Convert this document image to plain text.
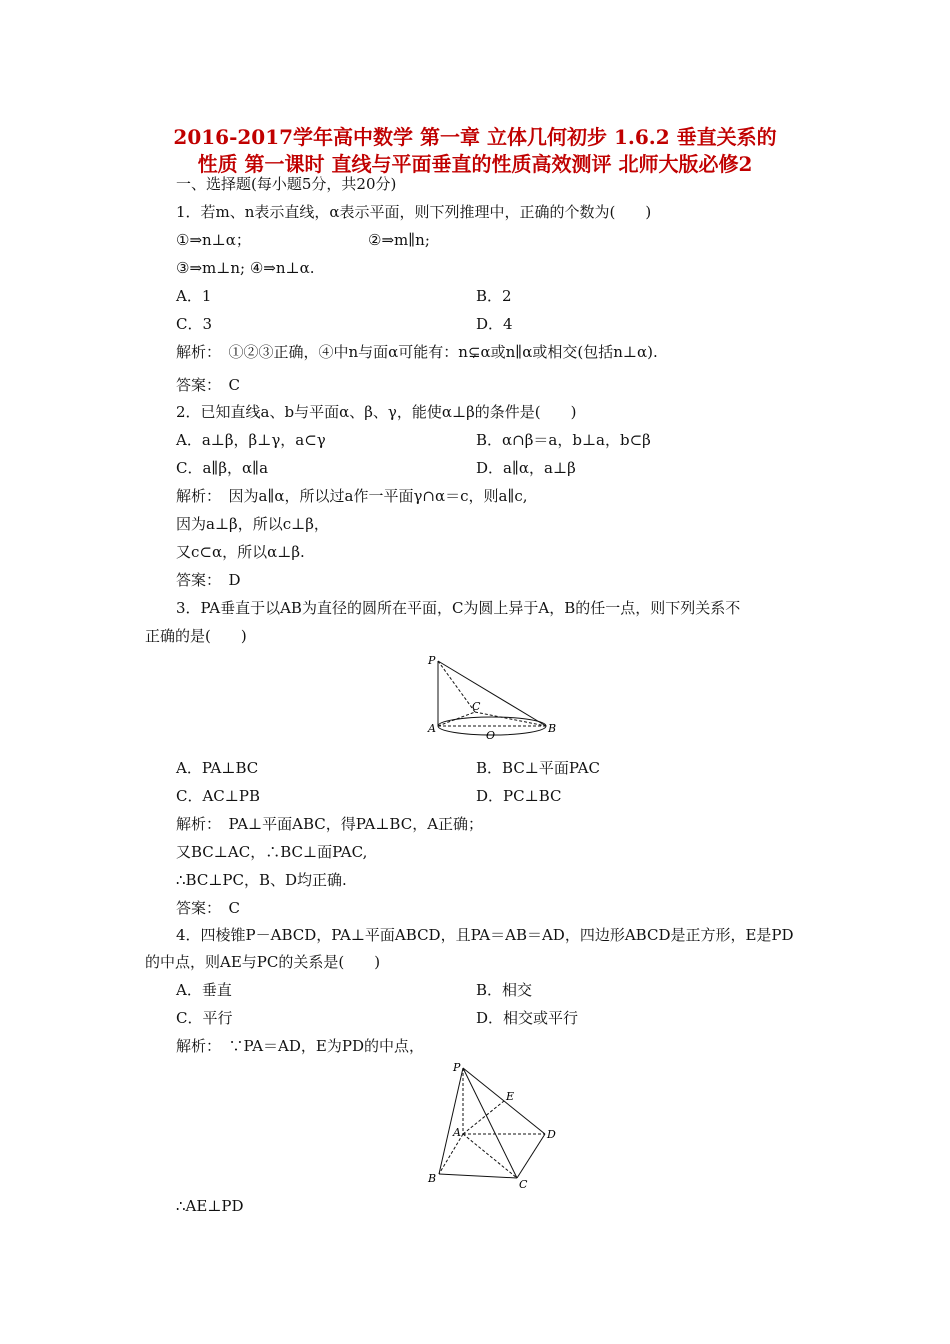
2016-2017学年高中数学 第一章 立体几何初步 1.6.2 垂直关系的
性质 第一课时 直线与平面垂直的性质高效测评 北师大版必修2
一、选择题(每小题5分，共20分)
1．若m、n表示直线，α表示平面，则下列推理中，正确的个数为(　　)
①⇒n⊥α；	②⇒m∥n;
③⇒m⊥n; ④⇒n⊥α.
A．1	B．2
C．3	D．4
解析：　①②③正确，④中n与面α可能有：n⊊α或n∥α或相交(包括n⊥α).
答案：　C
2．已知直线a、b与平面α、β、γ，能使α⊥β的条件是(　　)
A．a⊥β，β⊥γ，a⊂γ	B．α∩β＝a，b⊥a，b⊂β
C．a∥β，α∥a	D．a∥α，a⊥β
解析：　因为a∥α，所以过a作一平面γ∩α＝c，则a∥c,
因为a⊥β，所以c⊥β，
又c⊂α，所以α⊥β.
答案：　D
3．PA垂直于以AB为直径的圆所在平面，C为圆上异于A，B的任一点，则下列关系不
正确的是(　　)
P
A	B
C
O
A．PA⊥BC	B．BC⊥平面PAC
C．AC⊥PB	D．PC⊥BC
解析：　PA⊥平面ABC，得PA⊥BC，A正确；
又BC⊥AC，∴BC⊥面PAC,
∴BC⊥PC，B、D均正确.
答案：　C
4．四棱锥P－ABCD，PA⊥平面ABCD，且PA＝AB＝AD，四边形ABCD是正方形，E是PD
的中点，则AE与PC的关系是(　　)
A．垂直	B．相交
C．平行	D．相交或平行
解析：　∵PA＝AD，E为PD的中点，
P
A
B	C
D
E
∴AE⊥PD
